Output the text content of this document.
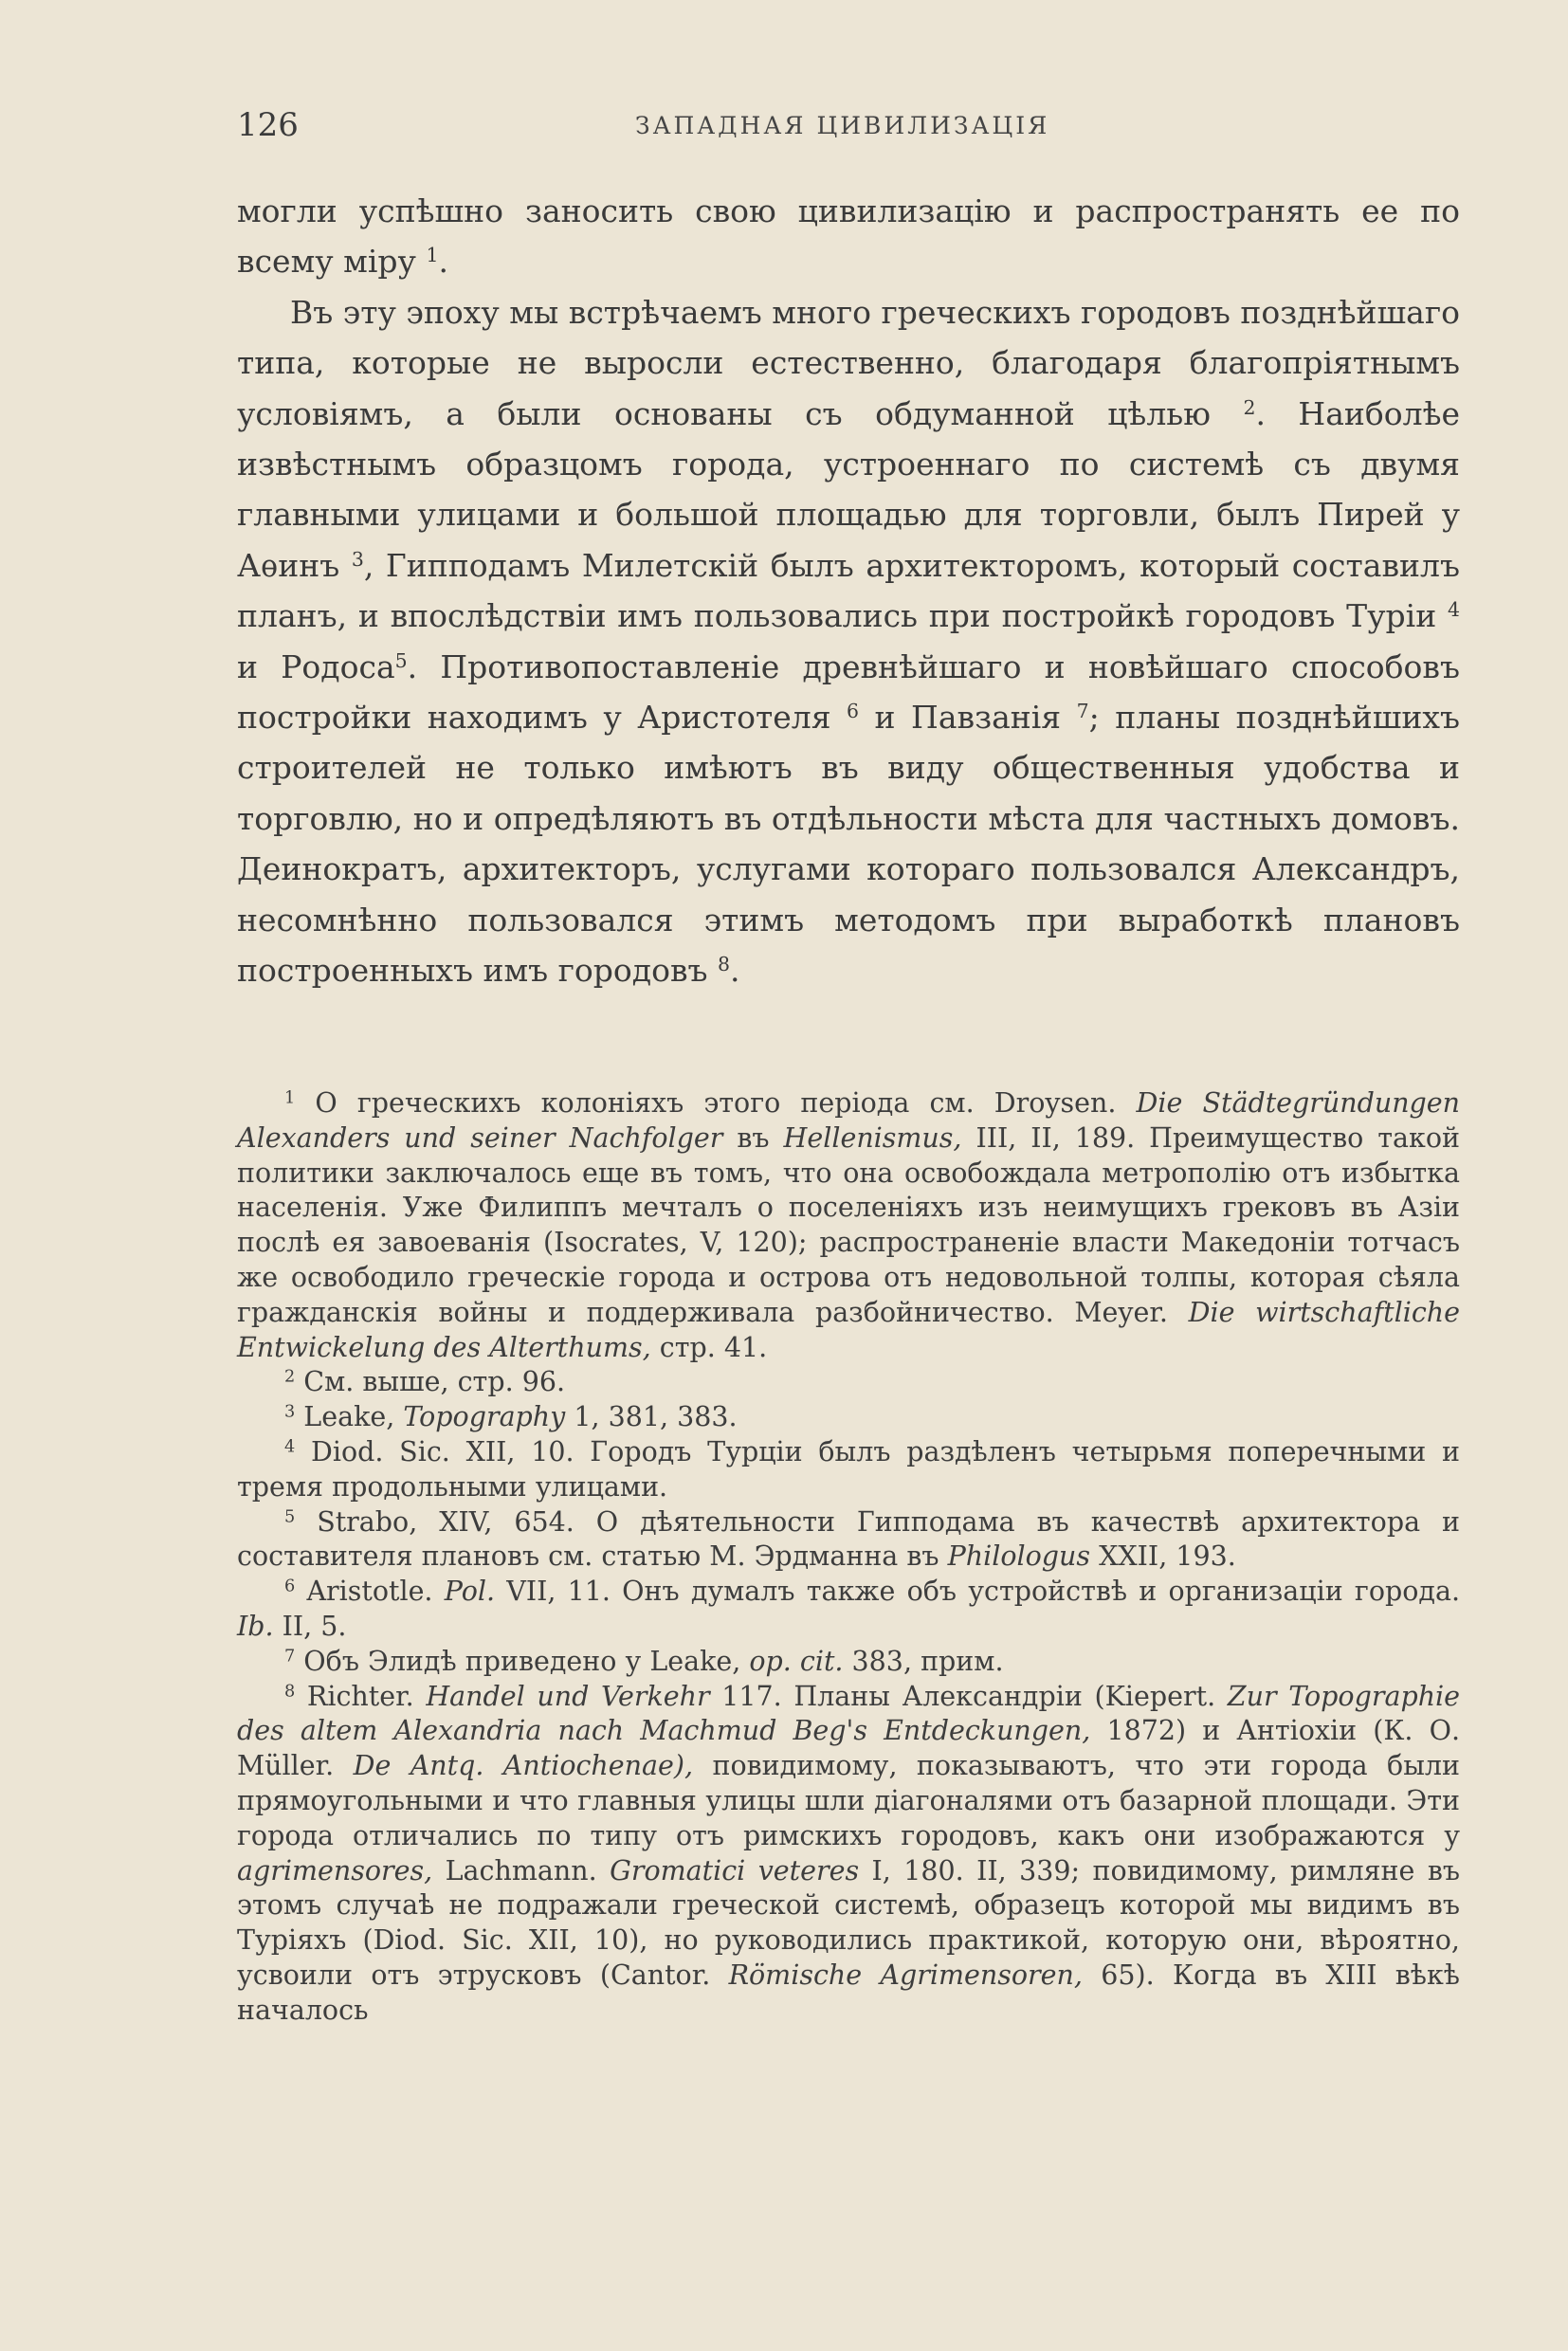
126	ЗАПАДНАЯ ЦИВИЛИЗАЦІЯ

могли успѣшно заносить свою цивилизацію и распространять ее по всему міру $^1$.

Въ эту эпоху мы встрѣчаемъ много греческихъ городовъ позднѣйшаго типа, которые не выросли естественно, благодаря благопріятнымъ условіямъ, а были основаны съ обдуманной цѣлью $^2$. Наиболѣе извѣстнымъ образцомъ города, устроеннаго по системѣ съ двумя главными улицами и большой площадью для торговли, былъ Пирей у Аѳинъ $^3$, Гипподамъ Милетскій былъ архитекторомъ, который составилъ планъ, и впослѣдствіи имъ пользовались при постройкѣ городовъ Туріи $^4$ и Родоса$^5$. Противопоставленіе древнѣйшаго и новѣйшаго способовъ постройки находимъ у Аристотеля $^6$ и Павзанія $^7$; планы позднѣйшихъ строителей не только имѣютъ въ виду общественныя удобства и торговлю, но и опредѣляютъ въ отдѣльности мѣста для частныхъ домовъ. Деинократъ, архитекторъ, услугами котораго пользовался Александръ, несомнѣнно пользовался этимъ методомъ при выработкѣ плановъ построенныхъ имъ городовъ $^8$.

$^1$ О греческихъ колоніяхъ этого періода см. Droysen. Die Städtegründungen Alexanders und seiner Nachfolger въ Hellenismus, III, II, 189. Преимущество такой политики заключалось еще въ томъ, что она освобождала метрополію отъ избытка населенія. Уже Филиппъ мечталъ о поселеніяхъ изъ неимущихъ грековъ въ Азіи послѣ ея завоеванія (Isocrates, V, 120); распространеніе власти Македоніи тотчасъ же освободило греческіе города и острова отъ недовольной толпы, которая сѣяла гражданскія войны и поддерживала разбойничество. Meyer. Die wirtschaftliche Entwickelung des Alterthums, стр. 41.

$^2$ См. выше, стр. 96.

$^3$ Leake, Topography 1, 381, 383.

$^4$ Diod. Sic. XII, 10. Городъ Турціи былъ раздѣленъ четырьмя поперечными и тремя продольными улицами.

$^5$ Strabo, XIV, 654. О дѣятельности Гипподама въ качествѣ архитектора и составителя плановъ см. статью М. Эрдманна въ Philologus XXII, 193.

$^6$ Aristotle. Pol. VII, 11. Онъ думалъ также объ устройствѣ и организаціи города. Ib. II, 5.

$^7$ Объ Элидѣ приведено у Leake, op. cit. 383, прим.

$^8$ Richter. Handel und Verkehr 117. Планы Александріи (Kiepert. Zur Topographie des altem Alexandria nach Machmud Beg's Entdeckungen, 1872) и Антіохіи (К. О. Müller. De Antq. Antiochenae), повидимому, показываютъ, что эти города были прямоугольными и что главныя улицы шли діагоналями отъ базарной площади. Эти города отличались по типу отъ римскихъ городовъ, какъ они изображаются у agrimensores, Lachmann. Gromatici veteres I, 180. II, 339; повидимому, римляне въ этомъ случаѣ не подражали греческой системѣ, образецъ которой мы видимъ въ Туріяхъ (Diod. Sic. XII, 10), но руководились практикой, которую они, вѣроятно, усвоили отъ этрусковъ (Cantor. Römische Agrimensoren, 65). Когда въ XIII вѣкѣ началось
